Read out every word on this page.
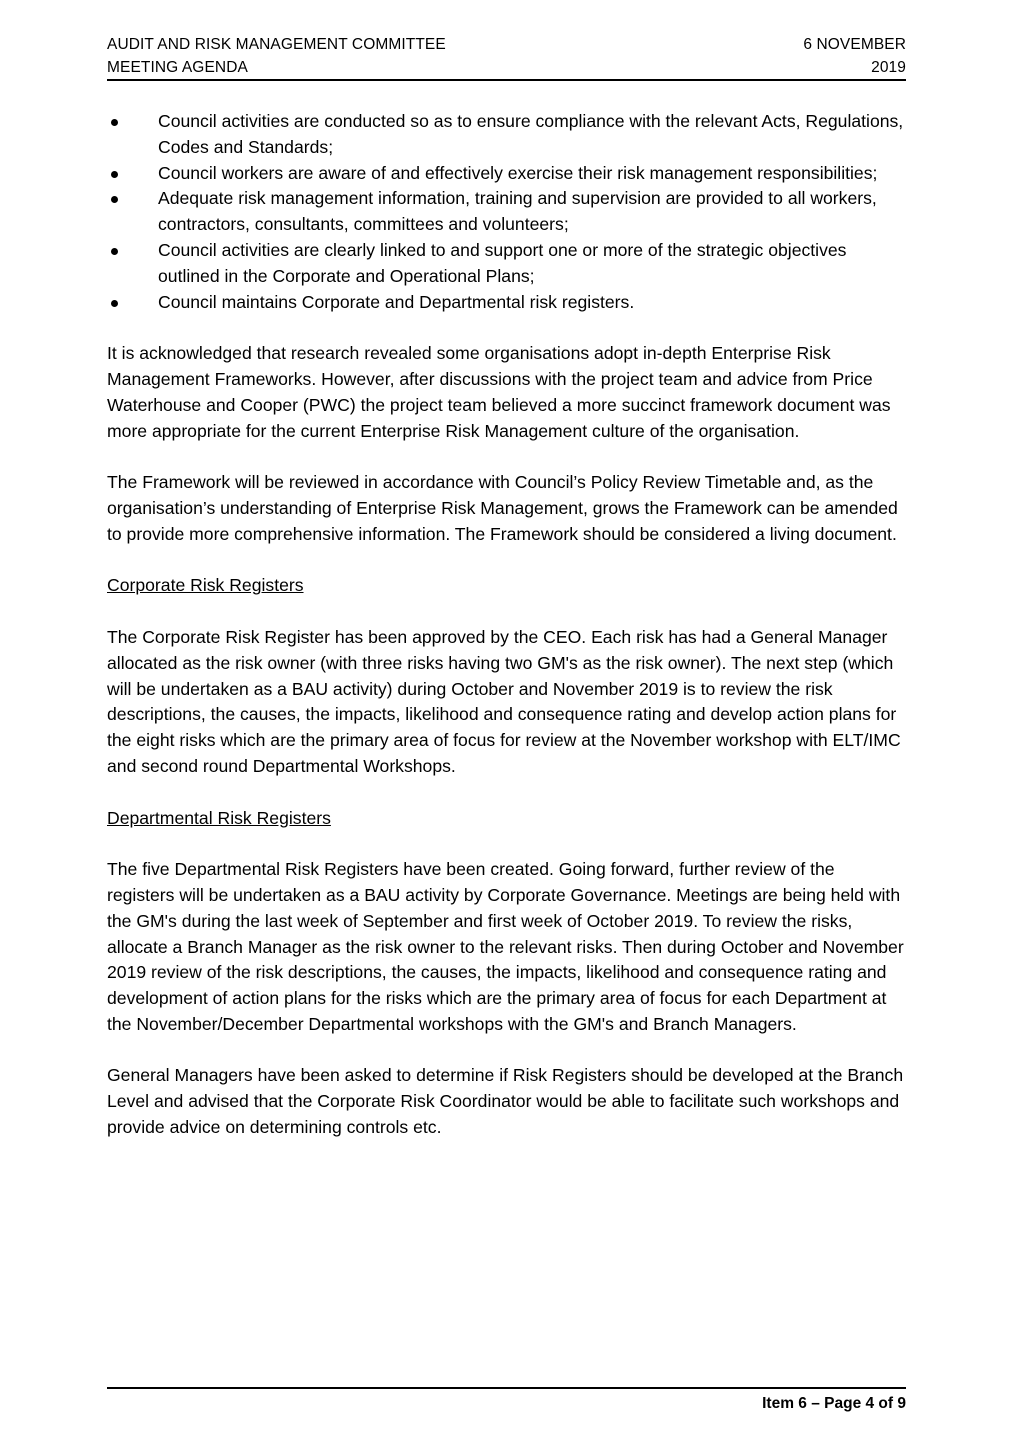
AUDIT AND RISK MANAGEMENT COMMITTEE
MEETING AGENDA
6 NOVEMBER
2019
Council activities are conducted so as to ensure compliance with the relevant Acts, Regulations, Codes and Standards;
Council workers are aware of and effectively exercise their risk management responsibilities;
Adequate risk management information, training and supervision are provided to all workers, contractors, consultants, committees and volunteers;
Council activities are clearly linked to and support one or more of the strategic objectives outlined in the Corporate and Operational Plans;
Council maintains Corporate and Departmental risk registers.

It is acknowledged that research revealed some organisations adopt in-depth Enterprise Risk Management Frameworks. However, after discussions with the project team and advice from Price Waterhouse and Cooper (PWC) the project team believed a more succinct framework document was more appropriate for the current Enterprise Risk Management culture of the organisation.

The Framework will be reviewed in accordance with Council’s Policy Review Timetable and, as the organisation’s understanding of Enterprise Risk Management, grows the Framework can be amended to provide more comprehensive information. The Framework should be considered a living document.

Corporate Risk Registers

The Corporate Risk Register has been approved by the CEO. Each risk has had a General Manager allocated as the risk owner (with three risks having two GM's as the risk owner). The next step (which will be undertaken as a BAU activity) during October and November 2019 is to review the risk descriptions, the causes, the impacts, likelihood and consequence rating and develop action plans for the eight risks which are the primary area of focus for review at the November workshop with ELT/IMC and second round Departmental Workshops.

Departmental Risk Registers

The five Departmental Risk Registers have been created. Going forward, further review of the registers will be undertaken as a BAU activity by Corporate Governance. Meetings are being held with the GM's during the last week of September and first week of October 2019. To review the risks, allocate a Branch Manager as the risk owner to the relevant risks. Then during October and November 2019 review of the risk descriptions, the causes, the impacts, likelihood and consequence rating and development of action plans for the risks which are the primary area of focus for each Department at the November/December Departmental workshops with the GM's and Branch Managers.

General Managers have been asked to determine if Risk Registers should be developed at the Branch Level and advised that the Corporate Risk Coordinator would be able to facilitate such workshops and provide advice on determining controls etc.

Item 6 – Page 4 of 9
